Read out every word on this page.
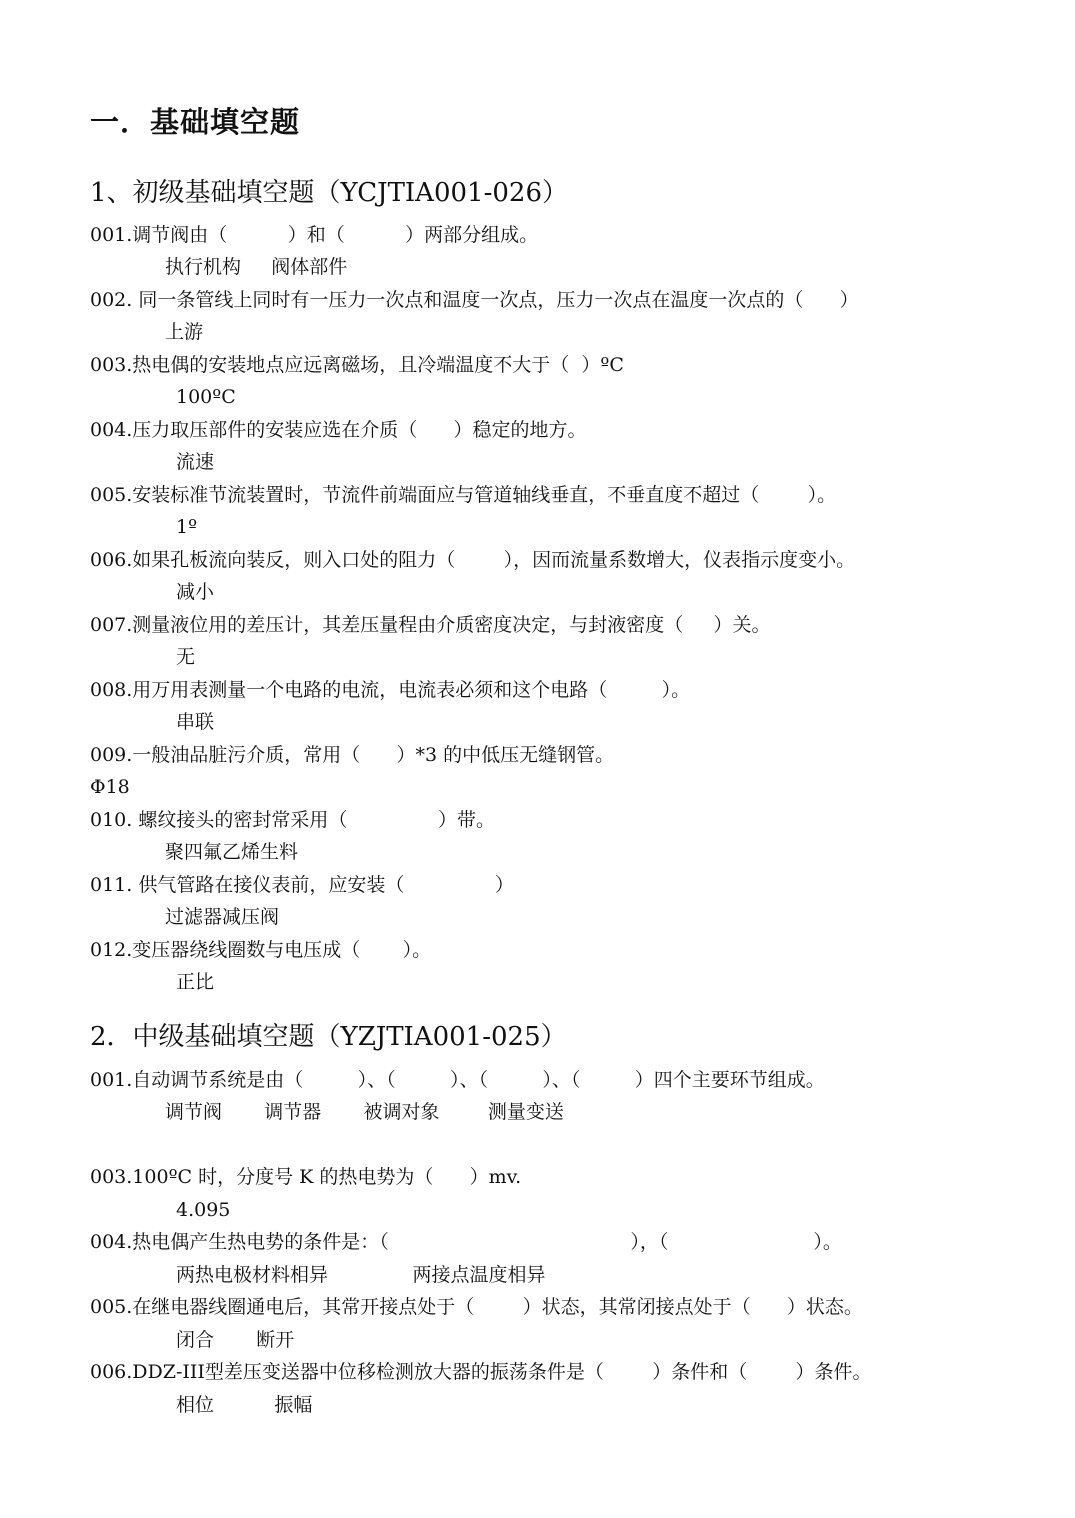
一．基础填空题
1、初级基础填空题（YCJTIA001-026）
001.调节阀由（          ）和（          ）两部分组成。
执行机构     阀体部件
002. 同一条管线上同时有一压力一次点和温度一次点，压力一次点在温度一次点的（      ）
上游
003.热电偶的安装地点应远离磁场，且冷端温度不大于（  ）ºC
100ºC
004.压力取压部件的安装应选在介质（      ）稳定的地方。
流速
005.安装标准节流装置时，节流件前端面应与管道轴线垂直，不垂直度不超过（        ）。
1º
006.如果孔板流向装反，则入口处的阻力（        ），因而流量系数增大，仪表指示度变小。
减小
007.测量液位用的差压计，其差压量程由介质密度决定，与封液密度（     ）关。
无
008.用万用表测量一个电路的电流，电流表必须和这个电路（         ）。
串联
009.一般油品脏污介质，常用（      ）*3 的中低压无缝钢管。
Φ18
010. 螺纹接头的密封常采用（               ）带。
聚四氟乙烯生料
011. 供气管路在接仪表前，应安装（               ）
过滤器减压阀
012.变压器绕线圈数与电压成（       ）。
正比
2．中级基础填空题（YZJTIA001-025）
001.自动调节系统是由（         ）、（         ）、（         ）、（         ）四个主要环节组成。
调节阀       调节器       被调对象        测量变送
003.100ºC 时，分度号 K 的热电势为（      ）mv.
4.095
004.热电偶产生热电势的条件是：（                                        ），（                        ）。
两热电极材料相异              两接点温度相异
005.在继电器线圈通电后，其常开接点处于（        ）状态，其常闭接点处于（      ）状态。
闭合       断开
006.DDZ-III型差压变送器中位移检测放大器的振荡条件是（        ）条件和（        ）条件。
相位          振幅
